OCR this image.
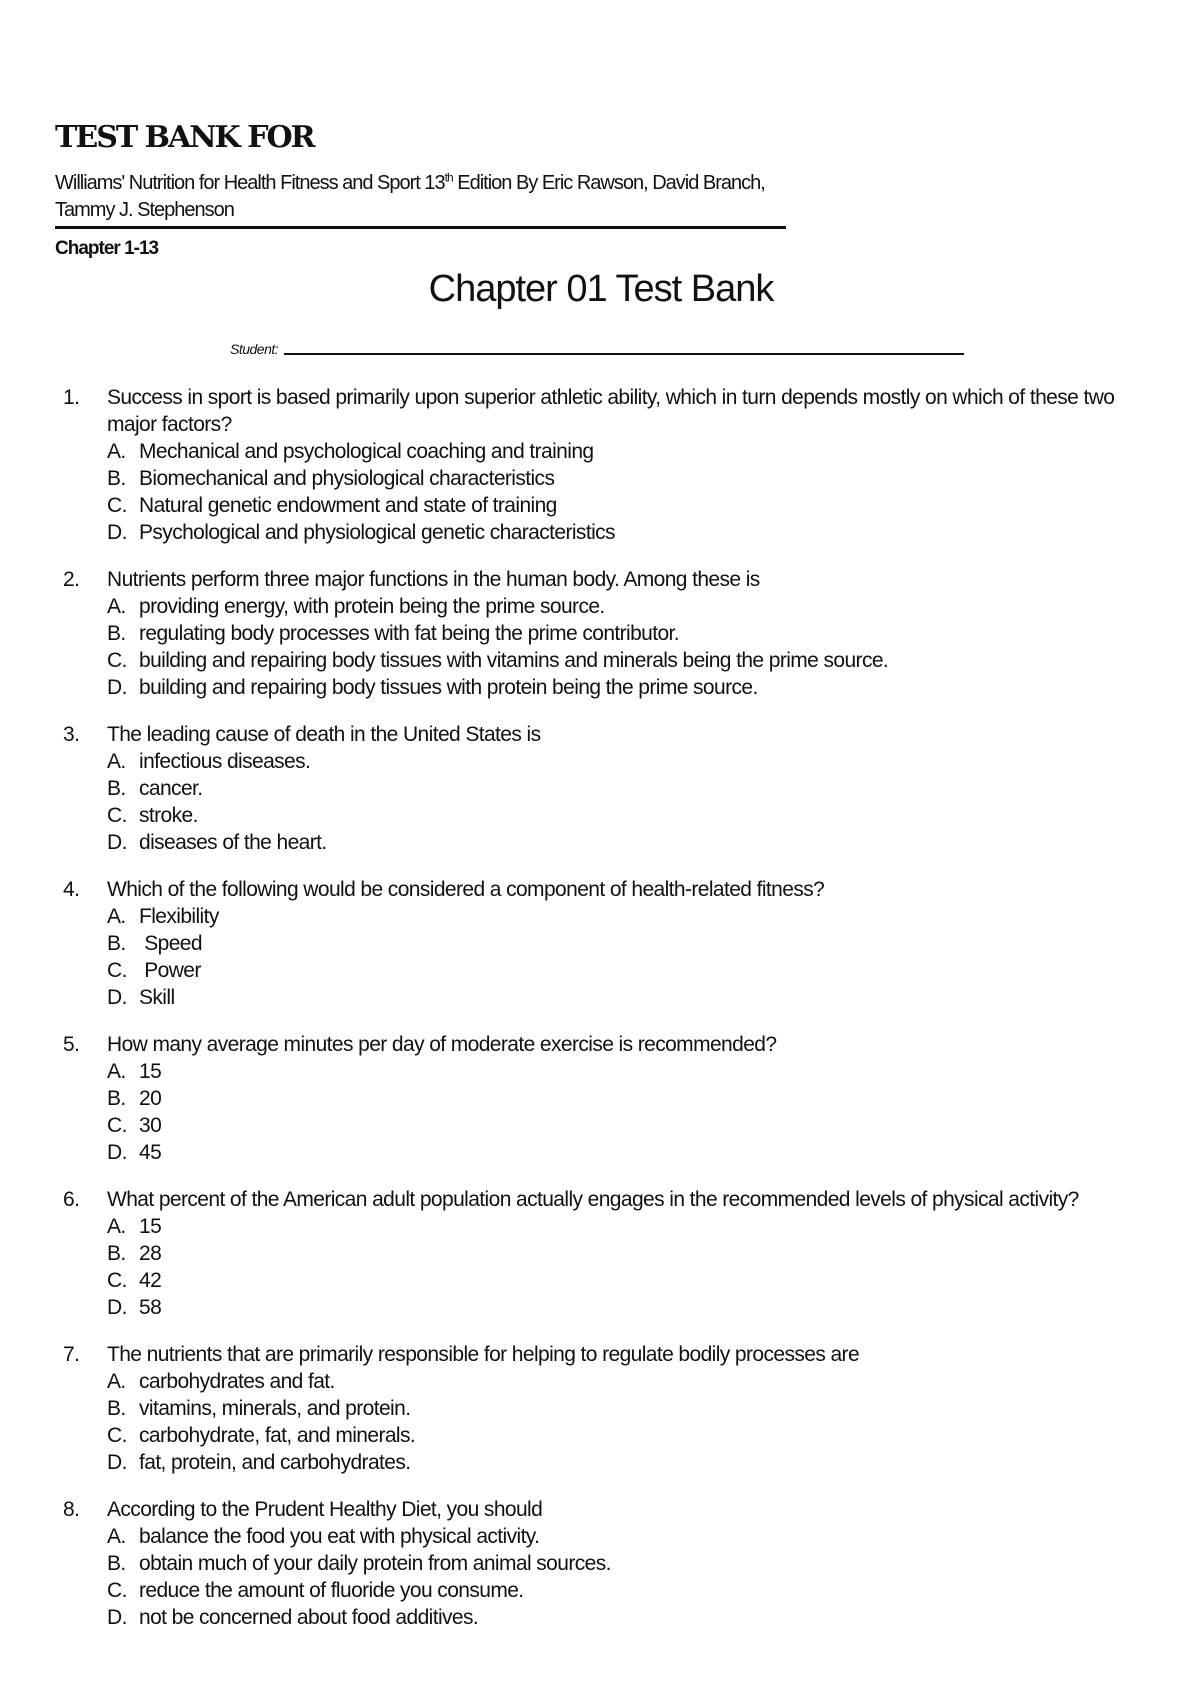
TEST BANK FOR
Williams' Nutrition for Health Fitness and Sport 13th Edition By Eric Rawson, David Branch, Tammy J. Stephenson
Chapter 1-13
Chapter 01 Test Bank
Student:
1. Success in sport is based primarily upon superior athletic ability, which in turn depends mostly on which of these two major factors?
A. Mechanical and psychological coaching and training
B. Biomechanical and physiological characteristics
C. Natural genetic endowment and state of training
D. Psychological and physiological genetic characteristics
2. Nutrients perform three major functions in the human body. Among these is
A. providing energy, with protein being the prime source.
B. regulating body processes with fat being the prime contributor.
C. building and repairing body tissues with vitamins and minerals being the prime source.
D. building and repairing body tissues with protein being the prime source.
3. The leading cause of death in the United States is
A. infectious diseases.
B. cancer.
C. stroke.
D. diseases of the heart.
4. Which of the following would be considered a component of health-related fitness?
A. Flexibility
B. Speed
C. Power
D. Skill
5. How many average minutes per day of moderate exercise is recommended?
A. 15
B. 20
C. 30
D. 45
6. What percent of the American adult population actually engages in the recommended levels of physical activity?
A. 15
B. 28
C. 42
D. 58
7. The nutrients that are primarily responsible for helping to regulate bodily processes are
A. carbohydrates and fat.
B. vitamins, minerals, and protein.
C. carbohydrate, fat, and minerals.
D. fat, protein, and carbohydrates.
8. According to the Prudent Healthy Diet, you should
A. balance the food you eat with physical activity.
B. obtain much of your daily protein from animal sources.
C. reduce the amount of fluoride you consume.
D. not be concerned about food additives.
